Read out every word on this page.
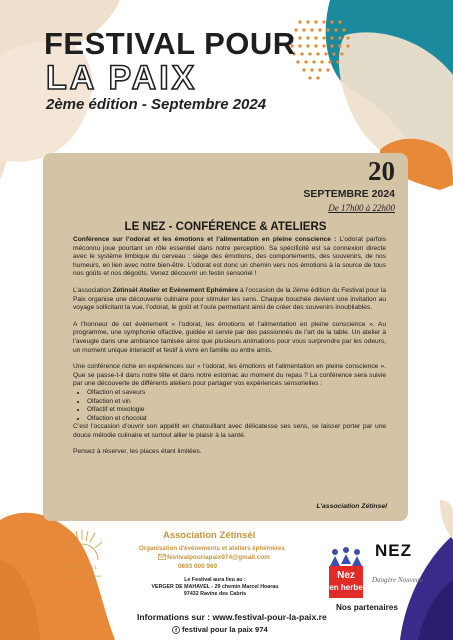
FESTIVAL POUR
LA PAIX
2ème édition - Septembre 2024
20
SEPTEMBRE 2024
De 17h00 à 22h00
LE NEZ - CONFÉRENCE & ATELIERS

Conférence sur l’odorat et les émotions et l’alimentation en pleine conscience : L’odorat parfois méconnu joue pourtant un rôle essentiel dans notre perception. Sa spécificité est sa connexion directe avec le système limbique du cerveau : siège des émotions, des comportements, des souvenirs, de nos humeurs, en lien avec notre bien-être. L’odorat est donc un chemin vers nos émotions à la source de tous nos goûts et nos dégoûts. Venez découvrir un festin sensoriel !

L’association Zétinsèl Atelier et Evènement Ephémère à l’occasion de la 2ème édition du Festival pour la Paix organise une découverte culinaire pour stimuler les sens. Chaque bouchée devient une invitation au voyage sollicitant la vue, l’odorat, le goût et l’ouïe permettant ainsi de créer des souvenirs inoubliables.

A l’honneur de cet évènement « l’odorat, les émotions et l’alimentation en pleine conscience ». Au programme, une symphonie olfactive, guidée et servie par des passionnés de l’art de la table. Un atelier à l’aveugle dans une ambiance tamisée ainsi que plusieurs animations pour vous surprendre par les odeurs, un moment unique interactif et festif à vivre en famille ou entre amis.

Une conférence riche en expériences sur « l’odorat, les émotions et l’alimentation en pleine conscience ». Que se passe-t-il dans notre tête et dans notre estomac au moment du repas ? La conférence sera suivie par une découverte de différents ateliers pour partager vos expériences sensorielles :

• Olfaction et saveurs
• Olfaction et vin
• Olfactif et mixologie
• Olfaction et chocolat

C’est l’occasion d’ouvrir son appétit en chatouillant avec délicatesse ses sens, se laisser porter par une douce mélodie culinaire et surtout allier le plaisir à la santé.

Pensez à réserver, les places étant limitées.

L’association Zétinsel
ZÉTINSÈL
Évènement et Atelier Éphémère
Association Zétinsèl
Organisation d'évènements et ateliers éphémères
festivalpourlapaix974@gmail.com
0693 000 969
Le Festival aura lieu au :
VERGER DE MAHAVEL - 29 chemin Marcel Hoarau
97432 Ravine des Cabris
Informations sur : www.festival-pour-la-paix.re
f festival pour la paix 974
Nez
en herbe
NEZ
Dangère Nouveau
Nos partenaires
